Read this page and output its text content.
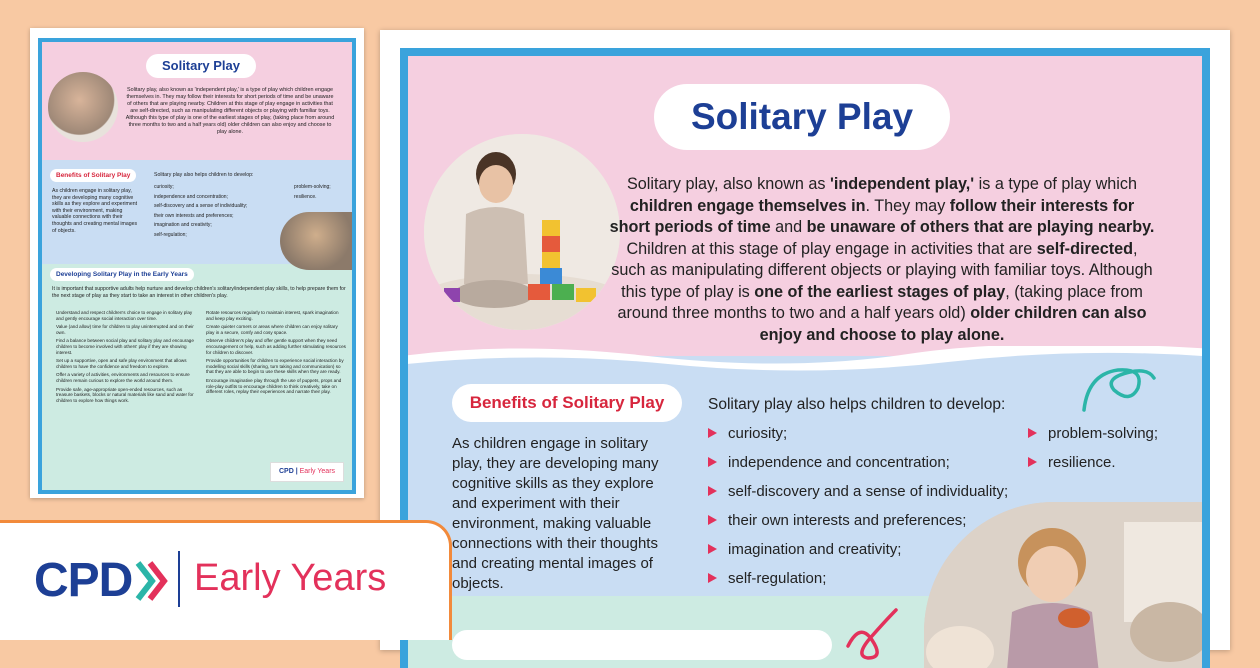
Solitary Play
Solitary play, also known as 'independent play,' is a type of play which children engage themselves in. They may follow their interests for short periods of time and be unaware of others that are playing nearby. Children at this stage of play engage in activities that are self-directed, such as manipulating different objects or playing with familiar toys. Although this type of play is one of the earliest stages of play, (taking place from around three months to two and a half years old) older children can also enjoy and choose to play alone.
Benefits of Solitary Play
As children engage in solitary play, they are developing many cognitive skills as they explore and experiment with their environment, making valuable connections with their thoughts and creating mental images of objects.
Solitary play also helps children to develop:
curiosity;
independence and concentration;
self-discovery and a sense of individuality;
their own interests and preferences;
imagination and creativity;
self-regulation;
problem-solving;
resilience.
Developing Solitary Play in the Early Years
It is important that supportive adults help nurture and develop children's solitary/independent play skills, to help prepare them for the next stage of play as they start to take an interest in other children's play.
Understand and respect children's choice to engage in solitary play and gently encourage social interaction over time.
Value (and allow) time for children to play uninterrupted and on their own.
Find a balance between social play and solitary play and encourage children to become involved with others' play if they are showing interest.
Set up a supportive, open and safe play environment that allows children to have the confidence and freedom to explore.
Offer a variety of activities, environments and resources to ensure children remain curious to explore the world around them.
Provide safe, age-appropriate open-ended resources, such as treasure baskets, blocks or natural materials like sand and water for children to explore how things work.
Rotate resources regularly to maintain interest, spark imagination and keep play exciting.
Create quieter corners or areas where children can enjoy solitary play in a secure, comfy and cosy space.
Observe children's play and offer gentle support when they need encouragement or help, such as adding further stimulating resources for children to discover.
Provide opportunities for children to experience social interaction by modelling social skills (sharing, turn taking and communication) so that they are able to begin to use these skills when they are ready.
Encourage imaginative play through the use of puppets, props and role-play outfits to encourage children to think creatively, take on different roles, replay their experiences and narrate their play.
CPD | Early Years
Solitary Play
Solitary play, also known as 'independent play,' is a type of play which children engage themselves in. They may follow their interests for short periods of time and be unaware of others that are playing nearby. Children at this stage of play engage in activities that are self-directed, such as manipulating different objects or playing with familiar toys. Although this type of play is one of the earliest stages of play, (taking place from around three months to two and a half years old) older children can also enjoy and choose to play alone.
Benefits of Solitary Play
As children engage in solitary play, they are developing many cognitive skills as they explore and experiment with their environment, making valuable connections with their thoughts and creating mental images of objects.
Solitary play also helps children to develop:
curiosity;
independence and concentration;
self-discovery and a sense of individuality;
their own interests and preferences;
imagination and creativity;
self-regulation;
problem-solving;
resilience.
CPD Early Years
